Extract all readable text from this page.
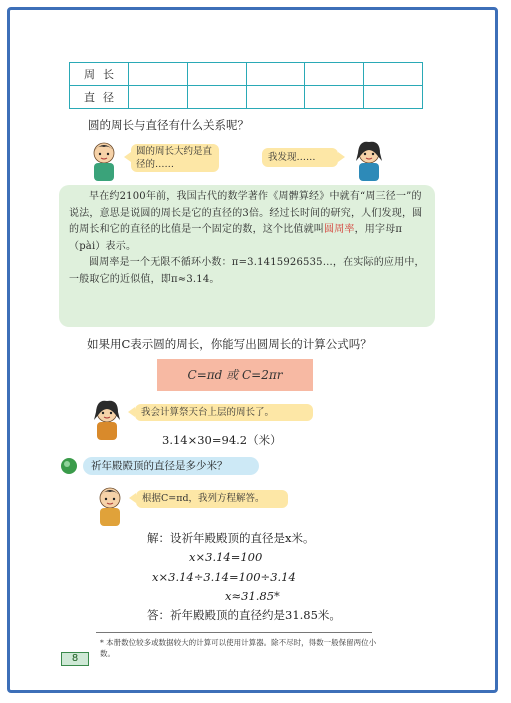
周长					
直径					
圆的周长与直径有什么关系呢？
圆的周长大约是直径的……
我发现……

早在约2100年前，我国古代的数学著作《周髀算经》中就有“周三径一”的说法，意思是说圆的周长是它的直径的3倍。经过长时间的研究，人们发现，圆的周长和它的直径的比值是一个固定的数，这个比值就叫圆周率，用字母π（pài）表示。

圆周率是一个无限不循环小数：π=3.1415926535…，在实际的应用中，一般取它的近似值，即π≈3.14。

如果用C表示圆的周长，你能写出圆周长的计算公式吗？
C=πd 或 C=2πr
我会计算祭天台上层的周长了。
3.14×30=94.2（米）
祈年殿殿顶的直径是多少米？
根据C=πd，我列方程解答。
解：设祈年殿殿顶的直径是x米。
x×3.14=100
x×3.14÷3.14=100÷3.14
x≈31.85*
答：祈年殿殿顶的直径约是31.85米。
* 本册数位较多或数据较大的计算可以使用计算器。除不尽时，得数一般保留两位小数。
8
